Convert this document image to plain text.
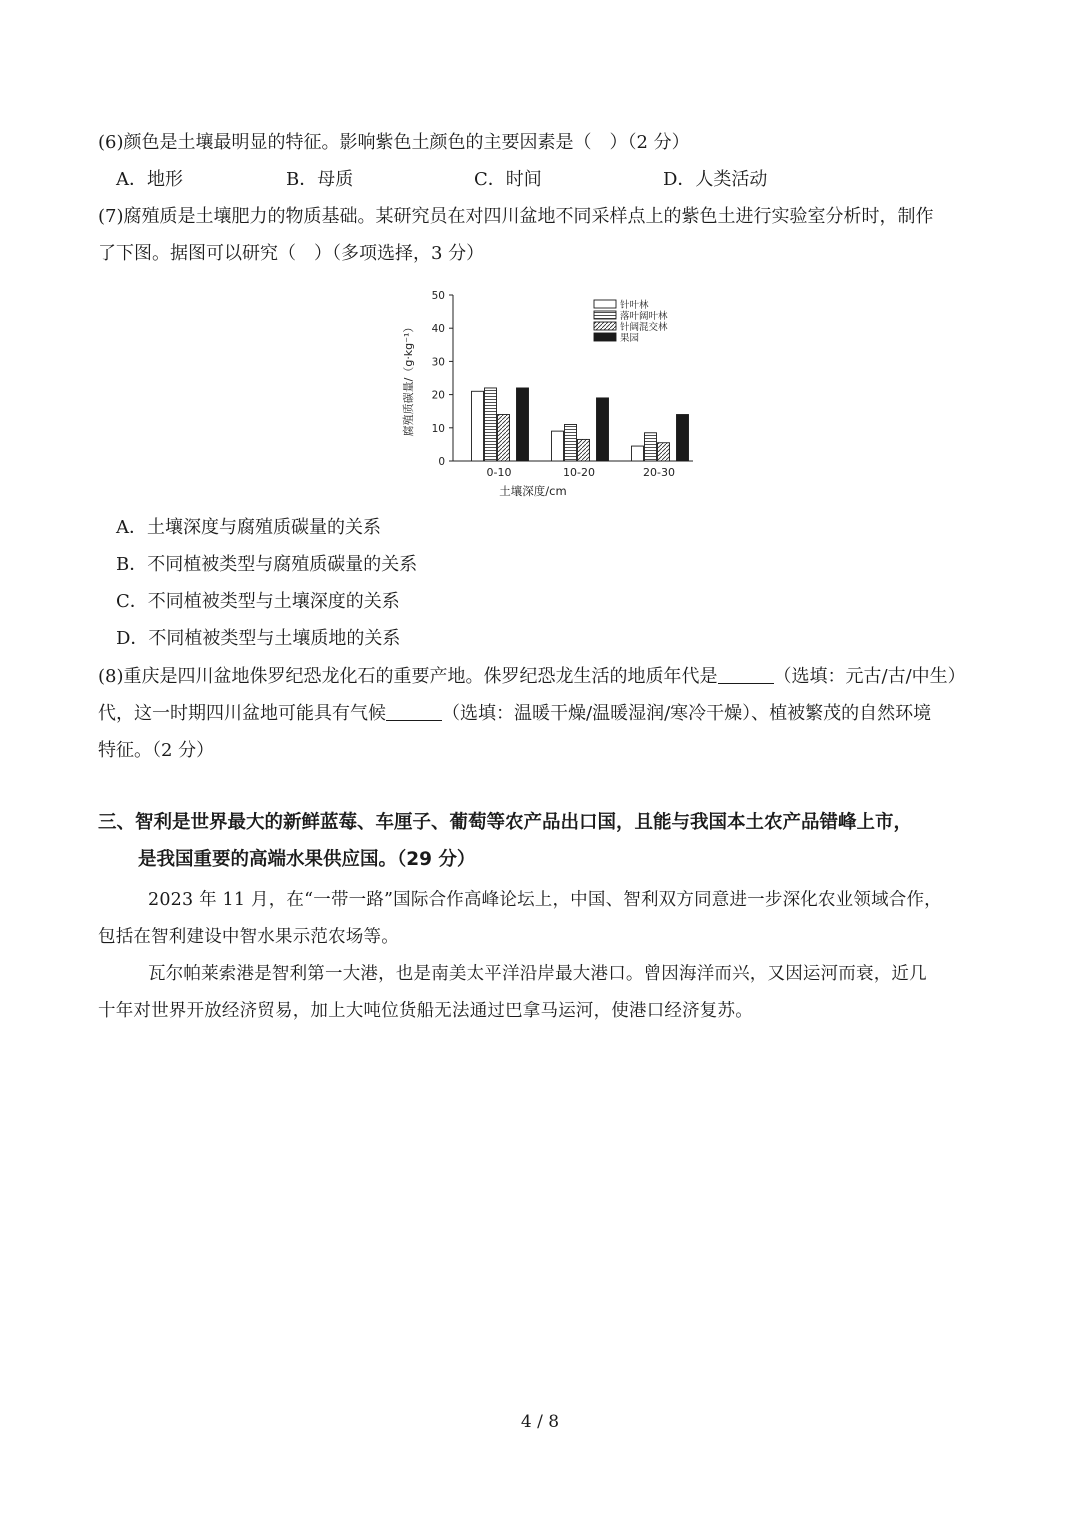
(6)颜色是土壤最明显的特征。影响紫色土颜色的主要因素是（　）（2 分）
A．地形	B．母质	C．时间	D．人类活动
(7)腐殖质是土壤肥力的物质基础。某研究员在对四川盆地不同采样点上的紫色土进行实验室分析时，制作
了下图。据图可以研究（　）（多项选择，3 分）
0
10
20
30
40
50
0-10	10-20	20-30
针叶林
落叶阔叶林
针阔混交林
果园
腐殖质碳量/（g·kg⁻¹）
土壤深度/cm
A．土壤深度与腐殖质碳量的关系
B．不同植被类型与腐殖质碳量的关系
C．不同植被类型与土壤深度的关系
D．不同植被类型与土壤质地的关系
(8)重庆是四川盆地侏罗纪恐龙化石的重要产地。侏罗纪恐龙生活的地质年代是	（选填：元古/古/中生）
代，这一时期四川盆地可能具有气候	（选填：温暖干燥/温暖湿润/寒冷干燥）、植被繁茂的自然环境
特征。（2 分）
三、智利是世界最大的新鲜蓝莓、车厘子、葡萄等农产品出口国，且能与我国本土农产品错峰上市，
是我国重要的高端水果供应国。（29 分）
2023 年 11 月，在“一带一路”国际合作高峰论坛上，中国、智利双方同意进一步深化农业领域合作，
包括在智利建设中智水果示范农场等。
瓦尔帕莱索港是智利第一大港，也是南美太平洋沿岸最大港口。曾因海洋而兴，又因运河而衰，近几
十年对世界开放经济贸易，加上大吨位货船无法通过巴拿马运河，使港口经济复苏。
4 / 8
